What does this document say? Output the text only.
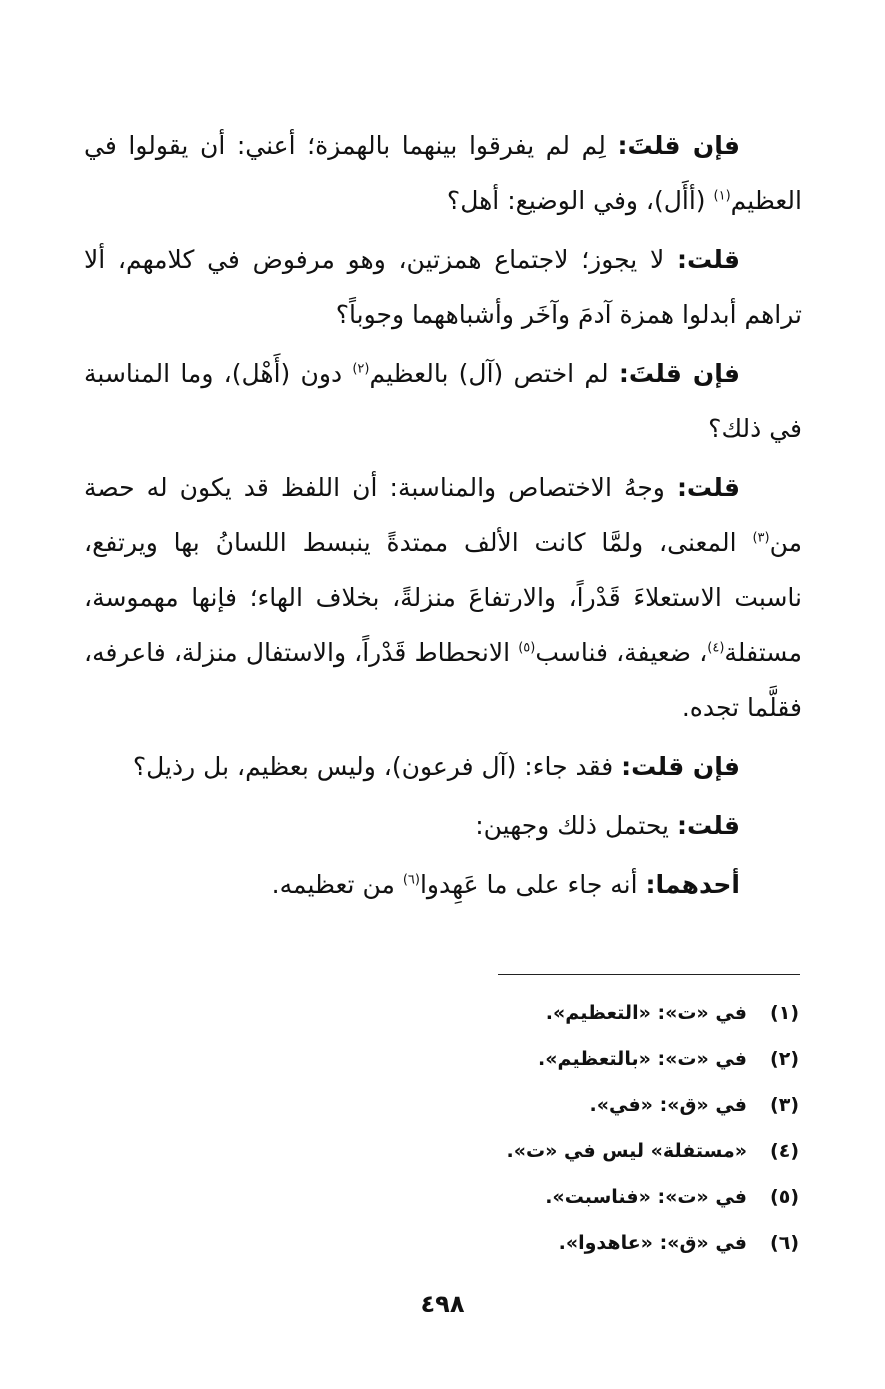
فإن قلتَ: لِم لم يفرقوا بينهما بالهمزة؛ أعني: أن يقولوا في العظيم$^{(١)}$ (أأَل)، وفي الوضيع: أهل؟

قلت: لا يجوز؛ لاجتماع همزتين، وهو مرفوض في كلامهم، ألا تراهم أبدلوا همزة آدمَ وآخَر وأشباههما وجوباً؟

فإن قلتَ: لم اختص (آل) بالعظيم$^{(٢)}$ دون (أَهْل)، وما المناسبة في ذلك؟

قلت: وجهُ الاختصاص والمناسبة: أن اللفظ قد يكون له حصة من$^{(٣)}$ المعنى، ولمَّا كانت الألف ممتدةً ينبسط اللسانُ بها ويرتفع، ناسبت الاستعلاءَ قَدْراً، والارتفاعَ منزلةً، بخلاف الهاء؛ فإنها مهموسة، مستفلة$^{(٤)}$، ضعيفة، فناسب$^{(٥)}$ الانحطاط قَدْراً، والاستفال منزلة، فاعرفه، فقلَّما تجده.

فإن قلت: فقد جاء: (آل فرعون)، وليس بعظيم، بل رذيل؟

قلت: يحتمل ذلك وجهين:

أحدهما: أنه جاء على ما عَهِدوا$^{(٦)}$ من تعظيمه.

(١)
في «ت»: «التعظيم».
(٢)
في «ت»: «بالتعظيم».
(٣)
في «ق»: «في».
(٤)
«مستفلة» ليس في «ت».
(٥)
في «ت»: «فناسبت».
(٦)
في «ق»: «عاهدوا».
٤٩٨
